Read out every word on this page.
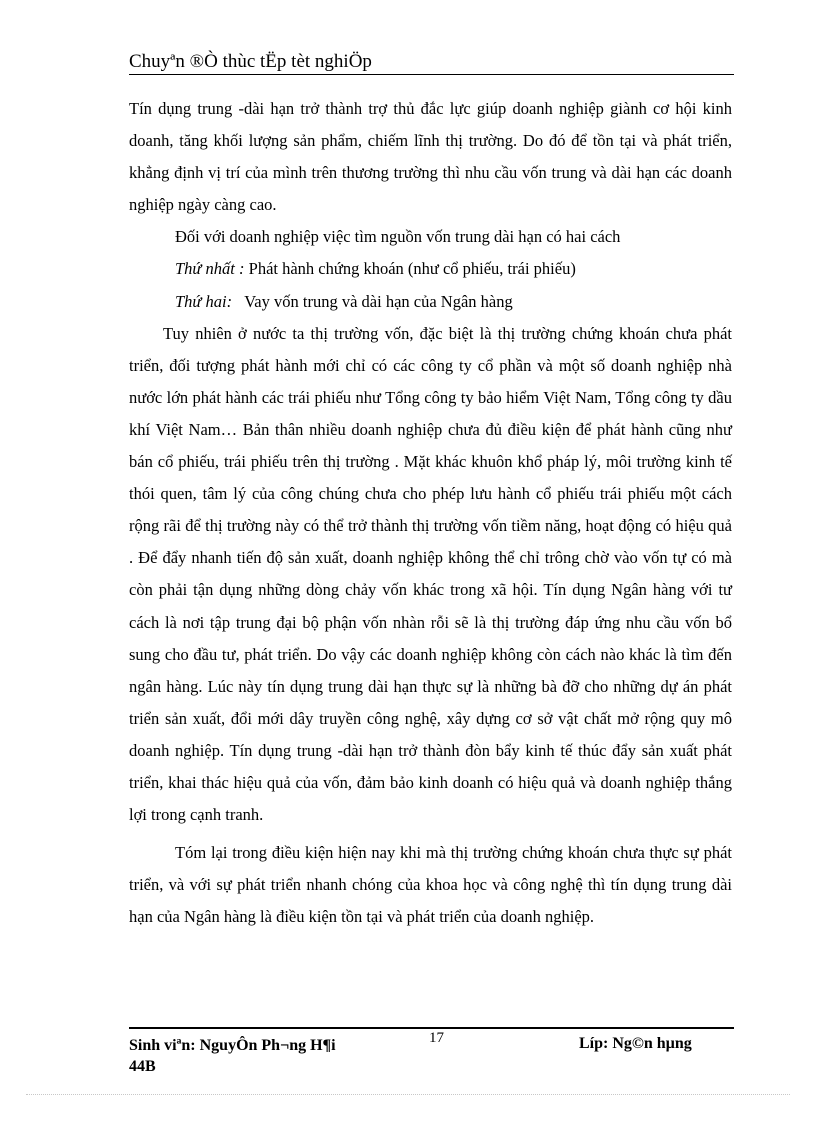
Chuyªn ®Ò thùc tËp tèt nghiÖp

Tín dụng trung -dài hạn trở thành trợ thủ đắc lực giúp doanh nghiệp giành cơ hội kinh doanh, tăng khối lượng sản phẩm, chiếm lĩnh thị trường. Do đó để tồn tại và phát triển, khẳng định vị trí của mình trên thương trường thì nhu cầu vốn trung và dài hạn các doanh nghiệp ngày càng cao.

Đối với doanh nghiệp việc tìm nguồn vốn trung dài hạn có hai cách

Thứ nhất : Phát hành chứng khoán (như cổ phiếu, trái phiếu)

Thứ hai:   Vay vốn trung và dài hạn của Ngân hàng

Tuy nhiên ở nước ta thị trường vốn, đặc biệt là thị trường chứng khoán chưa phát triển, đối tượng phát hành mới chỉ có các công ty cổ phần và một số doanh nghiệp nhà nước lớn phát hành các trái phiếu như Tổng công ty bảo hiểm Việt Nam, Tổng công ty dầu khí Việt Nam… Bản thân nhiều doanh nghiệp chưa đủ điều kiện để phát hành cũng như bán cổ phiếu, trái phiếu trên thị trường . Mặt khác khuôn khổ pháp lý, môi trường kinh tế thói quen, tâm lý của công chúng chưa cho phép lưu hành cổ phiếu trái phiếu một cách rộng rãi để thị trường này có thể trở thành thị trường vốn tiềm năng, hoạt động có hiệu quả . Để đẩy nhanh tiến độ sản xuất, doanh nghiệp không thể chỉ trông chờ vào vốn tự có mà còn phải tận dụng những dòng chảy vốn khác trong xã hội. Tín dụng Ngân hàng với tư cách là nơi tập trung đại bộ phận vốn nhàn rỗi sẽ là thị trường đáp ứng nhu cầu vốn bổ sung cho đầu tư, phát triển. Do vậy các doanh nghiệp không còn cách nào khác là tìm đến ngân hàng. Lúc này tín dụng trung dài hạn thực sự là những bà đỡ cho những dự án phát triển sản xuất, đổi mới dây truyền công nghệ, xây dựng cơ sở vật chất mở rộng quy mô doanh nghiệp. Tín dụng trung -dài hạn trở thành đòn bẩy kinh tế thúc đẩy sản xuất phát triển, khai thác hiệu quả của vốn, đảm bảo kinh doanh có hiệu quả và doanh nghiệp thắng lợi trong cạnh tranh.

Tóm lại trong điều kiện hiện nay khi mà thị trường chứng khoán chưa thực sự phát triển, và với sự phát triển nhanh chóng của khoa học và công nghệ thì tín dụng trung dài hạn của Ngân hàng là điều kiện tồn tại và phát triển của doanh nghiệp.

Sinh viªn: NguyÔn Ph¬ng H¶i
44B
17	Líp: Ng©n hµng
